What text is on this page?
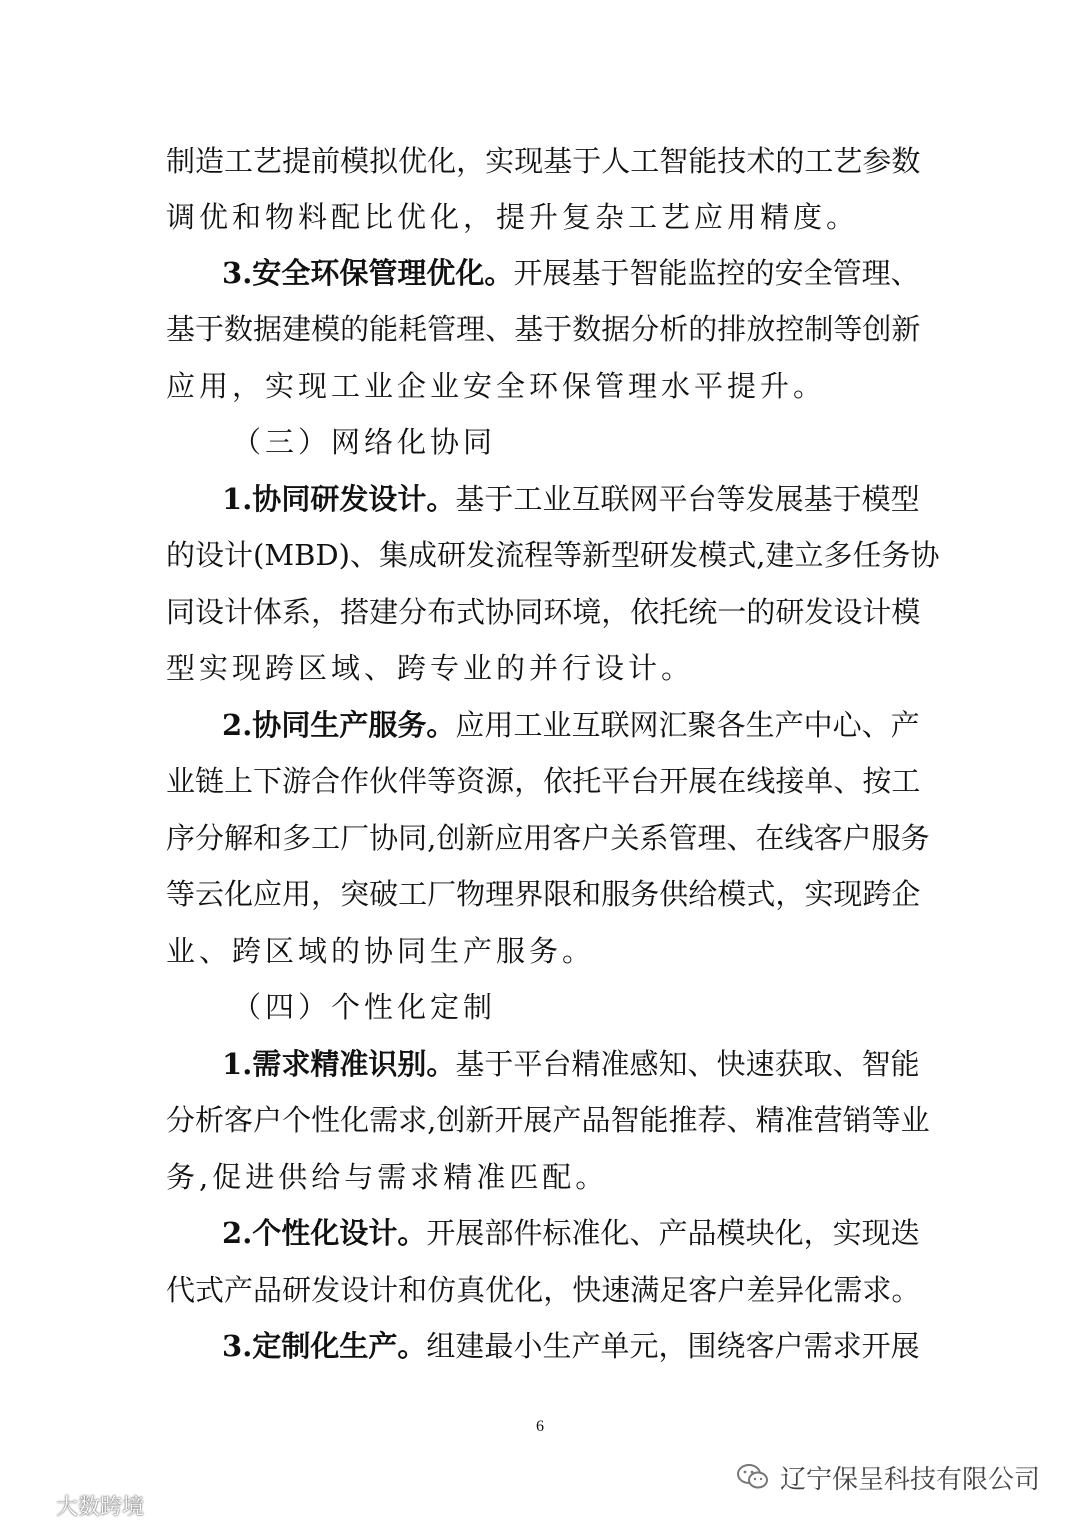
制 造 工 艺 提 前 模 拟 优 化 ， 实 现 基 于 人 工 智 能 技 术 的 工 艺 参 数
调优和物料配比优化，提升复杂工艺应用精度。
3 . 安 全 环 保 管 理 优 化 。 开 展 基 于 智 能 监 控 的 安 全 管 理 、
基 于 数 据 建 模 的 能 耗 管 理 、 基 于 数 据 分 析 的 排 放 控 制 等 创 新
应用，实现工业企业安全环保管理水平提升。
（三）网络化协同
1 . 协 同 研 发 设 计 。 基 于 工 业 互 联 网 平 台 等 发 展 基 于 模 型
的 设 计 ( M B D ) 、 集 成 研 发 流 程 等 新 型 研 发 模 式 , 建 立 多 任 务 协
同 设 计 体 系 ， 搭 建 分 布 式 协 同 环 境 ， 依 托 统 一 的 研 发 设 计 模
型实现跨区域、跨专业的并行设计。
2 . 协 同 生 产 服 务 。 应 用 工 业 互 联 网 汇 聚 各 生 产 中 心 、 产
业 链 上 下 游 合 作 伙 伴 等 资 源 ， 依 托 平 台 开 展 在 线 接 单 、 按 工
序 分 解 和 多 工 厂 协 同 , 创 新 应 用 客 户 关 系 管 理 、 在 线 客 户 服 务
等 云 化 应 用 ， 突 破 工 厂 物 理 界 限 和 服 务 供 给 模 式 ， 实 现 跨 企
业、跨区域的协同生产服务。
（四）个性化定制
1 . 需 求 精 准 识 别 。 基 于 平 台 精 准 感 知 、 快 速 获 取 、 智 能
分 析 客 户 个 性 化 需 求 , 创 新 开 展 产 品 智 能 推 荐 、 精 准 营 销 等 业
务,促进供给与需求精准匹配。
2 . 个 性 化 设 计 。 开 展 部 件 标 准 化 、 产 品 模 块 化 ， 实 现 迭
代 式 产 品 研 发 设 计 和 仿 真 优 化 ， 快 速 满 足 客 户 差 异 化 需 求 。
3 . 定 制 化 生 产 。 组 建 最 小 生 产 单 元 ， 围 绕 客 户 需 求 开 展
6
辽宁保呈科技有限公司
大数跨境
